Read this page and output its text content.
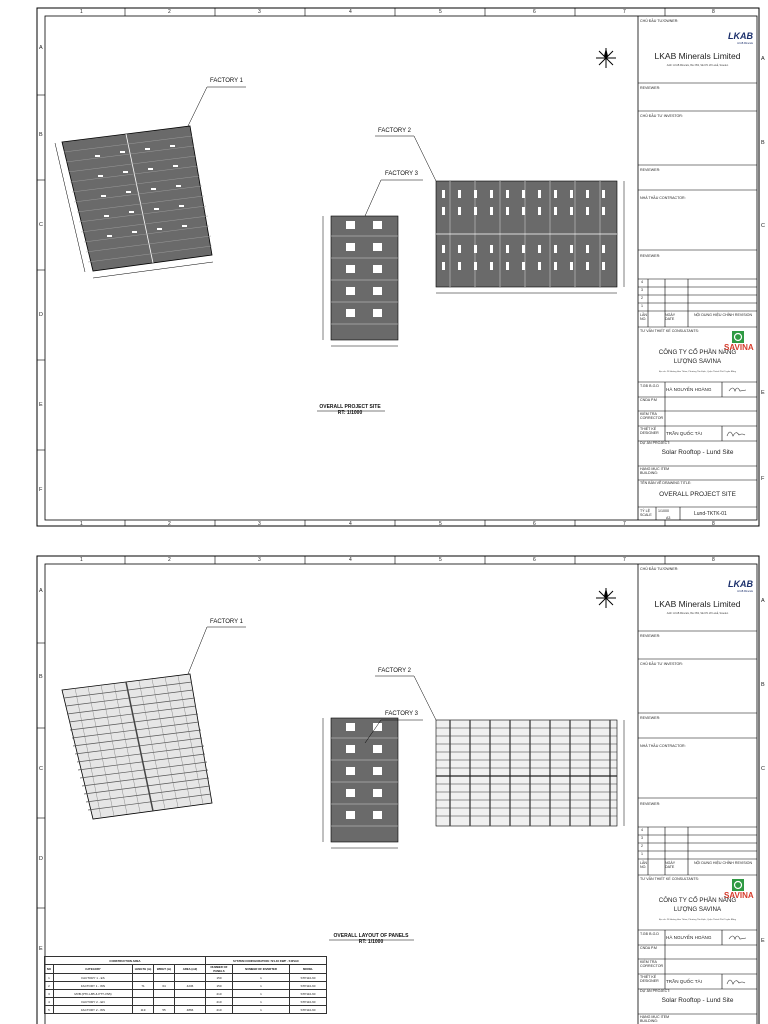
1	2	3	4	5	6	7	8
1	2	3	4	5	6	7	8
A
B
C
D
E
F
A
B
C
E
F
FACTORY 1
FACTORY 2
FACTORY 3
OVERALL PROJECT SITE
RT: 1/1000
CHỦ ĐẦU TƯ/OWNER:
LKAB
LKAB Minerals
LKAB Minerals Limited
Addr: LKAB Minerals, Box 952, SE-971 28 Luleå, Sweden
REVIEWER:
CHỦ ĐẦU TƯ INVESTOR:
REVIEWER:
NHÀ THẦU CONTRACTOR:
REVIEWER:
4
3
2
1
LẦN NO.
NGÀY DATE
NỘI DUNG HIỆU CHỈNH REVISION
TƯ VẤN THIẾT KẾ CONSULTANTS:
SAVINA
CÔNG TY CỔ PHẦN NĂNG
LƯỢNG SAVINA
Địa chỉ: 28 Hoàng Hoa Thám, Phường Tân Định, Quận Thành Phố Tuyên Bằng
T.GĐ B.G.D
HÀ NGUYỄN HOÀNG
CNDA P.M
KIỂM TRA CORRECTOR
THIẾT KẾ DESIGNER	TRẦN QUỐC TÀI
DỰ ÁN PROJECT:
Solar Rooftop - Lund Site
HẠNG MỤC ITEM BUILDING:
TÊN BẢN VẼ DRAWING TITLE:
OVERALL PROJECT SITE
TỶ LỆ SCALE
1/1000
A3
Lund-TKTK-01
1	2	3	4	5	6	7	8
A
B
C
D
E
A
B
C
E
FACTORY 1
FACTORY 2
FACTORY 3
OVERALL LAYOUT OF PANELS
RT: 1/1000
CONSTRUCTION AREA					SYSTEM CONFIGURATION: 721.46 KWP - 540VAC		
NO	CATEGORY	LENGTH (m)	WIDHT (m)	AREA (m2)	NUMBER OF PANELS	NUMBER OF INVERTER	MODEL
1	FACTORY 1 - ES				150	1	STP110-60
2	FACTORY 1 - WN	71	64	4236	150	1	STP110-60
3	MVB (PTF-LB5 & PTT-VN5)				210	1	STP110-60
4	FACTORY 2 - EN				210	1	STP110-60
5	FACTORY 2 - WS	119	55	4866	210	1	STP110-60
CHỦ ĐẦU TƯ/OWNER:
LKAB
LKAB Minerals
LKAB Minerals Limited
Addr: LKAB Minerals, Box 952, SE-971 28 Luleå, Sweden
REVIEWER:
CHỦ ĐẦU TƯ INVESTOR:
REVIEWER:
NHÀ THẦU CONTRACTOR:
REVIEWER:
4
3
2
1
LẦN NO.
NGÀY DATE
NỘI DUNG HIỆU CHỈNH REVISION
TƯ VẤN THIẾT KẾ CONSULTANTS:
SAVINA
CÔNG TY CỔ PHẦN NĂNG
LƯỢNG SAVINA
Địa chỉ: 28 Hoàng Hoa Thám, Phường Tân Định, Quận Thành Phố Tuyên Bằng
T.GĐ B.G.D
HÀ NGUYỄN HOÀNG
CNDA P.M
KIỂM TRA CORRECTOR
THIẾT KẾ DESIGNER	TRẦN QUỐC TÀI
DỰ ÁN PROJECT:
Solar Rooftop - Lund Site
HẠNG MỤC ITEM BUILDING:
